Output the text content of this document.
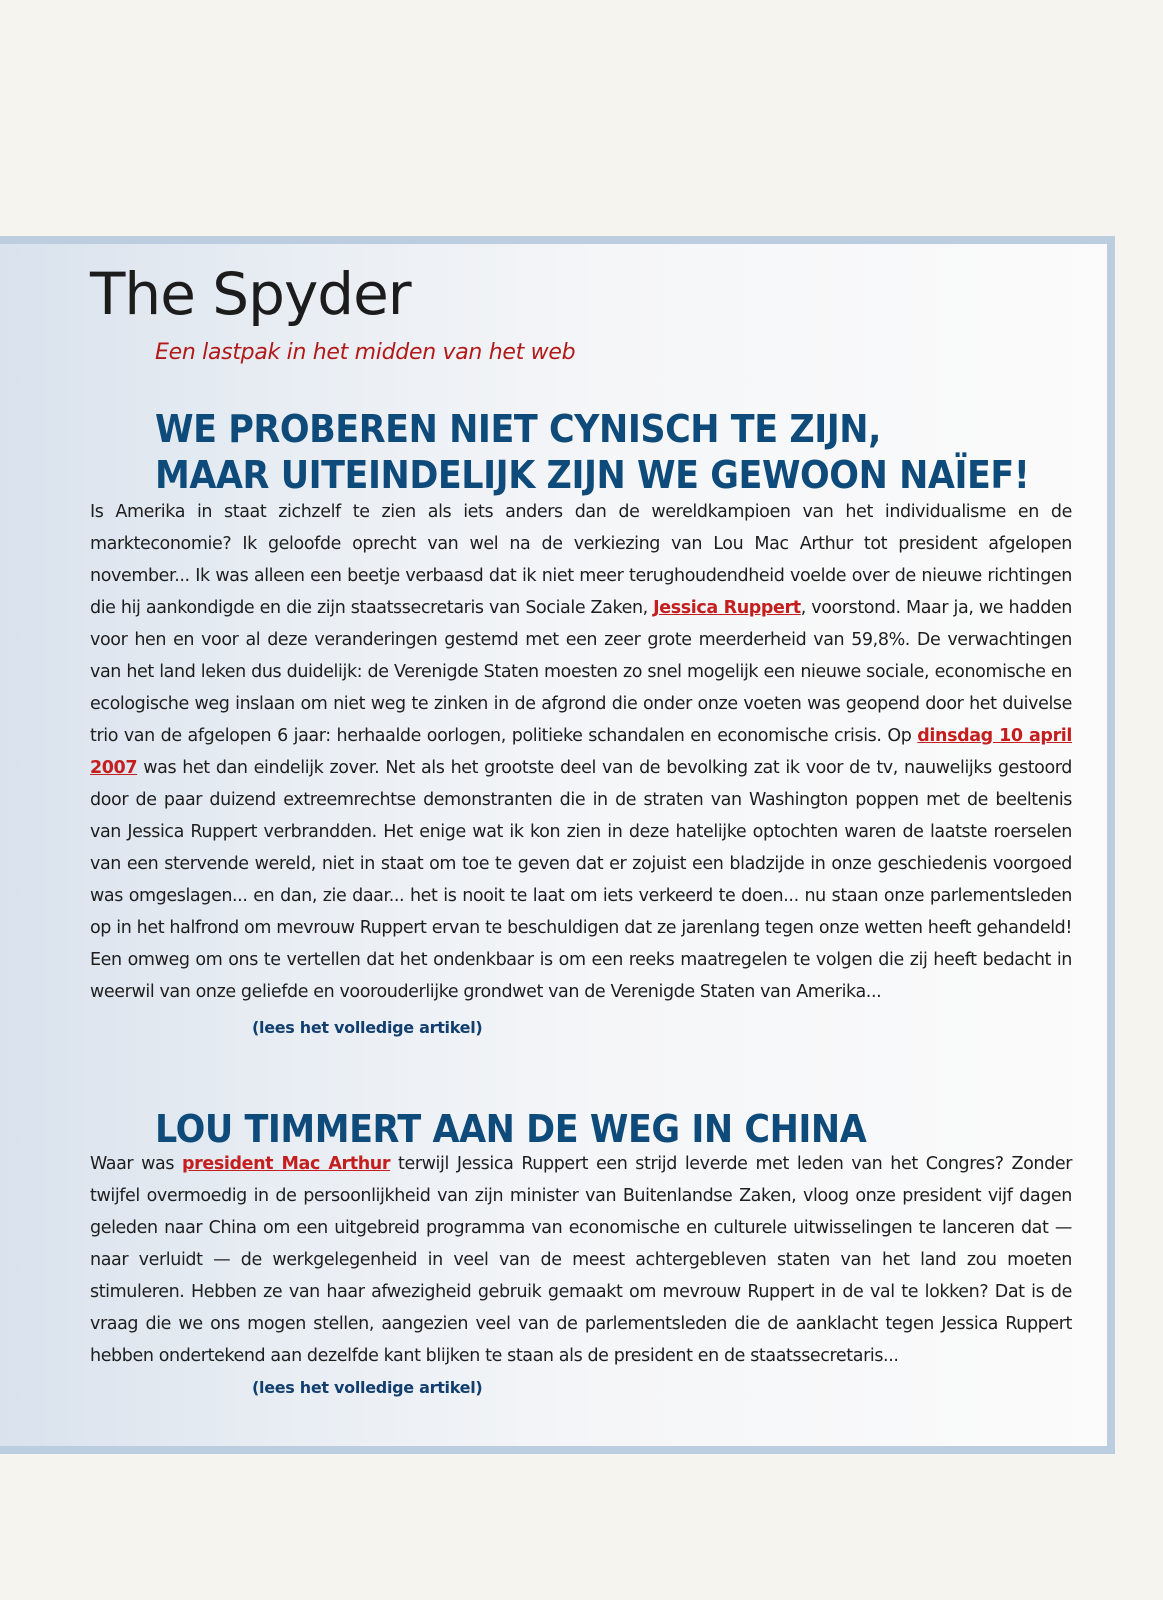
The Spyder

Een lastpak in het midden van het web

WE PROBEREN NIET CYNISCH TE ZIJN,
MAAR UITEINDELIJK ZIJN WE GEWOON NAÏEF!

Is Amerika in staat zichzelf te zien als iets anders dan de wereldkampioen van het individualisme en de markteconomie? Ik geloofde oprecht van wel na de verkiezing van Lou Mac Arthur tot president afgelopen november... Ik was alleen een beetje verbaasd dat ik niet meer terughoudendheid voelde over de nieuwe richtingen die hij aankondigde en die zijn staatssecretaris van Sociale Zaken, Jessica Ruppert, voorstond. Maar ja, we hadden voor hen en voor al deze veranderingen gestemd met een zeer grote meerderheid van 59,8%. De verwachtingen van het land leken dus duidelijk: de Verenigde Staten moesten zo snel mogelijk een nieuwe sociale, economische en ecologische weg inslaan om niet weg te zinken in de afgrond die onder onze voeten was geopend door het duivelse trio van de afgelopen 6 jaar: herhaalde oorlogen, politieke schandalen en economische crisis. Op dinsdag 10 april 2007 was het dan eindelijk zover. Net als het grootste deel van de bevolking zat ik voor de tv, nauwelijks gestoord door de paar duizend extreemrechtse demonstranten die in de straten van Washington poppen met de beeltenis van Jessica Ruppert verbrandden. Het enige wat ik kon zien in deze hatelijke optochten waren de laatste roerselen van een stervende wereld, niet in staat om toe te geven dat er zojuist een bladzijde in onze geschiedenis voorgoed was omgeslagen... en dan, zie daar... het is nooit te laat om iets verkeerd te doen... nu staan onze parlementsleden op in het halfrond om mevrouw Ruppert ervan te beschuldigen dat ze jarenlang tegen onze wetten heeft gehandeld! Een omweg om ons te vertellen dat het ondenkbaar is om een reeks maatregelen te volgen die zij heeft bedacht in weerwil van onze geliefde en voorouderlijke grondwet van de Verenigde Staten van Amerika...

(lees het volledige artikel)

LOU TIMMERT AAN DE WEG IN CHINA

Waar was president Mac Arthur terwijl Jessica Ruppert een strijd leverde met leden van het Congres? Zonder twijfel overmoedig in de persoonlijkheid van zijn minister van Buitenlandse Zaken, vloog onze president vijf dagen geleden naar China om een uitgebreid programma van economische en culturele uitwisselingen te lanceren dat — naar verluidt — de werkgelegenheid in veel van de meest achtergebleven staten van het land zou moeten stimuleren. Hebben ze van haar afwezigheid gebruik gemaakt om mevrouw Ruppert in de val te lokken? Dat is de vraag die we ons mogen stellen, aangezien veel van de parlementsleden die de aanklacht tegen Jessica Ruppert hebben ondertekend aan dezelfde kant blijken te staan als de president en de staatssecretaris...

(lees het volledige artikel)
